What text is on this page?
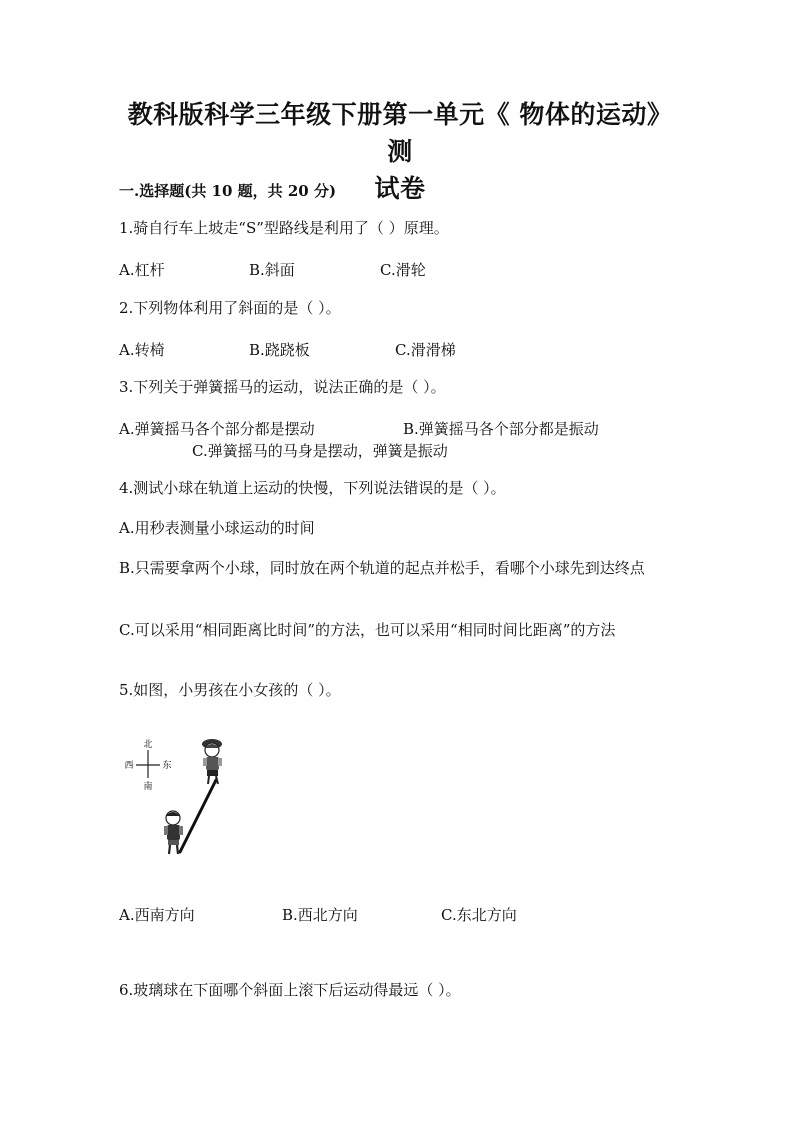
教科版科学三年级下册第一单元《 物体的运动》测
试卷
一.选择题(共 10 题，共 20 分)
1.骑自行车上坡走“S”型路线是利用了（ ）原理。
A.杠杆	B.斜面	C.滑轮
2.下列物体利用了斜面的是（ ）。
A.转椅	B.跷跷板	C.滑滑梯
3.下列关于弹簧摇马的运动，说法正确的是（ ）。
A.弹簧摇马各个部分都是摆动	B.弹簧摇马各个部分都是振动
C.弹簧摇马的马身是摆动，弹簧是振动
4.测试小球在轨道上运动的快慢，下列说法错误的是（ ）。
A.用秒表测量小球运动的时间
B.只需要拿两个小球，同时放在两个轨道的起点并松手，看哪个小球先到达终点
C.可以采用“相同距离比时间”的方法，也可以采用“相同时间比距离”的方法
5.如图，小男孩在小女孩的（ ）。
北
南
西	东
A.西南方向	B.西北方向	C.东北方向
6.玻璃球在下面哪个斜面上滚下后运动得最远（ ）。
